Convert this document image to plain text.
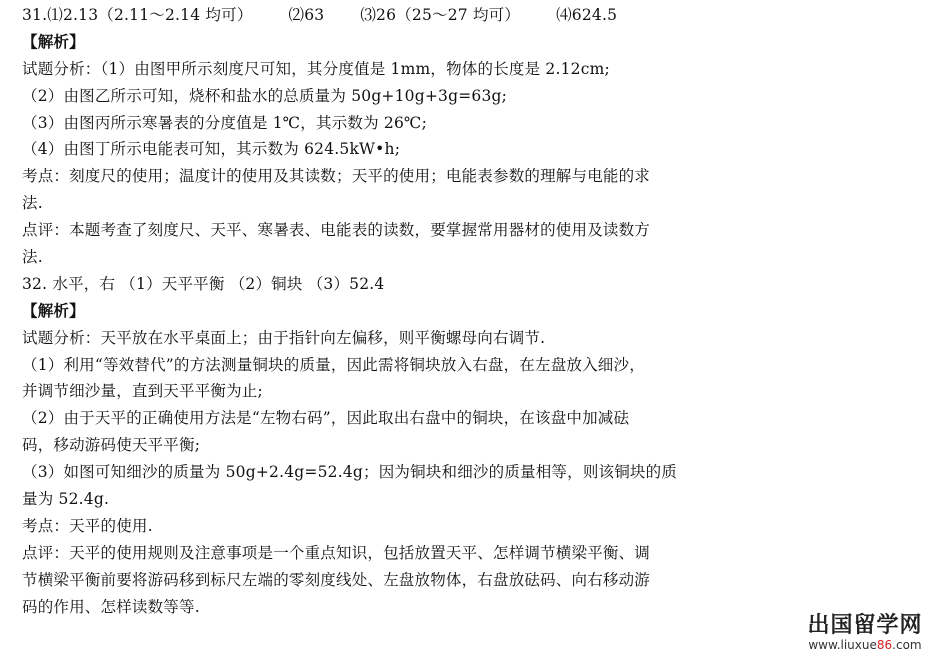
31.⑴2.13（2.11～2.14 均可） ⑵63 ⑶26（25～27 均可） ⑷624.5
【解析】
试题分析：（1）由图甲所示刻度尺可知，其分度值是 1mm，物体的长度是 2.12cm;
（2）由图乙所示可知，烧杯和盐水的总质量为 50g+10g+3g=63g;
（3）由图丙所示寒暑表的分度值是 1℃，其示数为 26℃;
（4）由图丁所示电能表可知，其示数为 624.5kW•h;
考点：刻度尺的使用；温度计的使用及其读数；天平的使用；电能表参数的理解与电能的求
法.
点评：本题考查了刻度尺、天平、寒暑表、电能表的读数，要掌握常用器材的使用及读数方
法.
32. 水平，右 （1）天平平衡 （2）铜块 （3）52.4
【解析】
试题分析：天平放在水平桌面上；由于指针向左偏移，则平衡螺母向右调节.
（1）利用“等效替代”的方法测量铜块的质量，因此需将铜块放入右盘，在左盘放入细沙，
并调节细沙量，直到天平平衡为止;
（2）由于天平的正确使用方法是“左物右码”，因此取出右盘中的铜块，在该盘中加减砝
码，移动游码使天平平衡;
（3）如图可知细沙的质量为 50g+2.4g=52.4g；因为铜块和细沙的质量相等，则该铜块的质
量为 52.4g.
考点：天平的使用.
点评：天平的使用规则及注意事项是一个重点知识，包括放置天平、怎样调节横梁平衡、调
节横梁平衡前要将游码移到标尺左端的零刻度线处、左盘放物体，右盘放砝码、向右移动游
码的作用、怎样读数等等.
出国留学网
www.liuxue86.com
